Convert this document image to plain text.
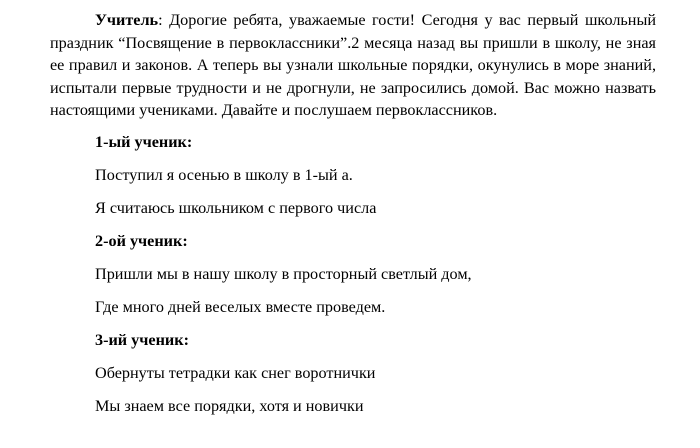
Учитель: Дорогие ребята, уважаемые гости! Сегодня у вас первый школьный праздник “Посвящение в первоклассники”.2 месяца назад вы пришли в школу, не зная ее правил и законов. А теперь вы узнали школьные порядки, окунулись в море знаний, испытали первые трудности и не дрогнули, не запросились домой. Вас можно назвать настоящими учениками. Давайте и послушаем первоклассников.

1-ый ученик:

Поступил я осенью в школу в 1-ый а.

Я считаюсь школьником с первого числа

2-ой ученик:

Пришли мы в нашу школу в просторный светлый дом,

Где много дней веселых вместе проведем.

3-ий ученик:

Обернуты тетрадки как снег воротнички

Мы знаем все порядки, хотя и новички
